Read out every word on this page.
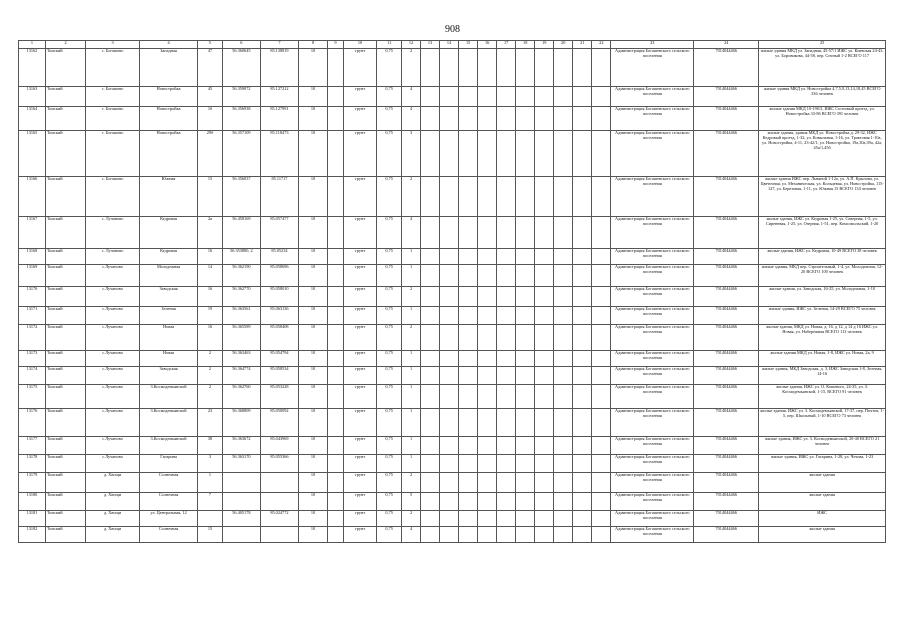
908
1	2	3	4	5	6	7	8	9	10	11	12	13	14	15	16	17	18	19	20	21	22	23	24	25
13162	Томский	с. Богашево	Западная	47	56.360645	85.138819	10		грунт	0,75	2											Администрация Богашевского сельского поселения	7014044466	жилые здания МКД ул. Западная, 45-57/1 ИЖС ул. Киевская 24-43, ул. Боровикова, 44-58, пер. Сочный 1-2 ВСЕГО 117
13163	Томский	с. Богашево	Новостройка	45	56.359072	85.127212	10		грунт	0,75	4											Администрация Богашевского сельского поселения	7014044466	жилые здания МКД ул. Новостройка 4,7,5,9,13,14,18,45 ВСЕГО 336 человек
13164	Томский	с. Богашево	Новостройка	1б	56.356938	85.127991	10		грунт	0,75	4											Администрация Богашевского сельского поселения	7014044466	жилые здания МКД 1б-19б/3, ИЖС Сосновый проезд, ул. Новостройка 33-86 ВСЕГО 391 человек
13165	Томский	с. Богашево	Новостройка	29б	56.357109	85.118473	10		грунт	0,75	3											Администрация Богашевского сельского поселения	7014044466	жилые здания, здания МКД ул. Новостройка д. 29-32, ИЖС Кедровый проезд, 1-32, ул. Ковыльная, 1-16, ул. Трактовая 1-10а, ул. Новостройка, 4-11, 23-42/1, ул. Новостройка, 19а,30а,39а, 42а, 45а/1,45б
13166	Томский	с. Богашево	Южная	15	56.356037	85.11717	10		грунт	0,75	2											Администрация Богашевского сельского поселения	7014044466	жилые здания ИЖС пер. Льняной 1-12а, ул. А.П. Крылова, ул. Цветочная, ул. Механическая, ул. Кольцевая, ул. Новостройка, 115-127, ул. Березовая, 1-11, ул. Южная 15 ВСЕГО 134 человек
13167	Томский	с. Лучаново	Кедровая	2а	56.458169	85.057477	10		грунт	0,75	4											Администрация Богашевского сельского поселения	7014044466	жилые здания, ИЖС ул. Кедровая 1-25, ул. Северная, 1-5, ул. Сиреневая, 1-25, ул. Озерная, 1-51, пер. Комсомольский, 1-20
13168	Томский	с. Лучаново	Кедровая	16	56.353880, 2	85.05234	10		грунт	0,75	1											Администрация Богашевского сельского поселения	7014044466	жилые здания, ИЖС ул. Кедровая, 10-49 ВСЕГО 38 человек
13169	Томский	с.Лучаново	Молодежная	14	56.362190	85.058696	10		грунт	0,75	1											Администрация Богашевского сельского поселения	7014044466	жилые здания, МКД пер. Строительный, 1-4, ул. Молодежная, 12-20 ВСЕГО 100 человек
13170	Томский	с.Лучаново	Заводская	16	56.362770	85.058010	10		грунт	0,75	2											Администрация Богашевского сельского поселения	7014044466	жилые здания, ул. Заводская, 16-25, ул. Молодежная, 1-10
13171	Томский	с.Лучаново	Зеленая	19	56.363561	85.063136	10		грунт	0,75	1											Администрация Богашевского сельского поселения	7014044466	жилые здания, ИЖС ул. Зеленая, 14-29 ВСЕГО 75 человек
13172	Томский	с.Лучаново	Новая	16	56.365589	85.058408	10		грунт	0,75	2											Администрация Богашевского сельского поселения	7014044466	жилые здания, МКД ул. Новая, д. 16, д 12, д 14 д 16 ИЖС ул. Новая, ул. Набережная ВСЕГО 113 человек
13173	Томский	с.Лучаново	Новая	2	56.363463	85.054794	10		грунт	0,75	1											Администрация Богашевского сельского поселения	7014044466	жилые здания МКД ул. Новая, 1-8, ИЖС ул. Новая, 2а, 9
13174	Томский	с.Лучаново	Заводская	2	56.364774	85.058534	10		грунт	0,75	1											Администрация Богашевского сельского поселения	7014044466	жилые здания, МКД Заводская, д. 3, ИЖС Заводская 1-8, Зеленая, 14-16
13175	Томский	с.Лучаново	3.Космодемьянской	2	56.362760	85.053228	10		грунт	0,75	1											Администрация Богашевского сельского поселения	7014044466	жилые здания, ИЖС ул. О. Кошевого, 24-35, ул. 3. Космодемьянской, 1-15, ВСЕГО 91 человек
13176	Томский	с.Лучаново	3.Космодемьянской	23	56.368809	85.050092	10		грунт	0,75	1											Администрация Богашевского сельского поселения	7014044466	жилые здания, ИЖС ул. 3. Космодемьянской, 17-37, пер. Почтов, 1-5, пер. Школьный, 1-10 ВСЕГО 73 человек
13177	Томский	с.Лучаново	3.Космодемьянской	38	56.363672	85.043969	10		грунт	0,75	1											Администрация Богашевского сельского поселения	7014044466	жилые здания, ИЖС ул. 3. Космодемьянской, 20-40 ВСЕГО 21 человек
13178	Томский	с.Лучаново	Гагарина	3	56.363170	85.055366	10		грунт	0,75	1											Администрация Богашевского сельского поселения	7014044466	жилые здания, ИЖС ул. Гагарина, 1-28, ул. Чехова, 1-23
13179	Томский	д. Хвощи	Солнечная	1			10		грунт	0,75	2											Администрация Богашевского сельского поселения	7014044466	жилые здания
13180	Томский	д. Хвощи	Солнечная	7			10		грунт	0,75	5											Администрация Богашевского сельского поселения	7014044466	жилые здания
13181	Томский	д. Хвощи	ул. Центральная, 12		56.405178	85.024772	10		грунт	0,75	2											Администрация Богашевского сельского поселения	7014044466	ИЖС
13182	Томский	д. Хвощи	Солнечная	15			10		грунт	0,75	4											Администрация Богашевского сельского поселения	7014044466	жилые здания
